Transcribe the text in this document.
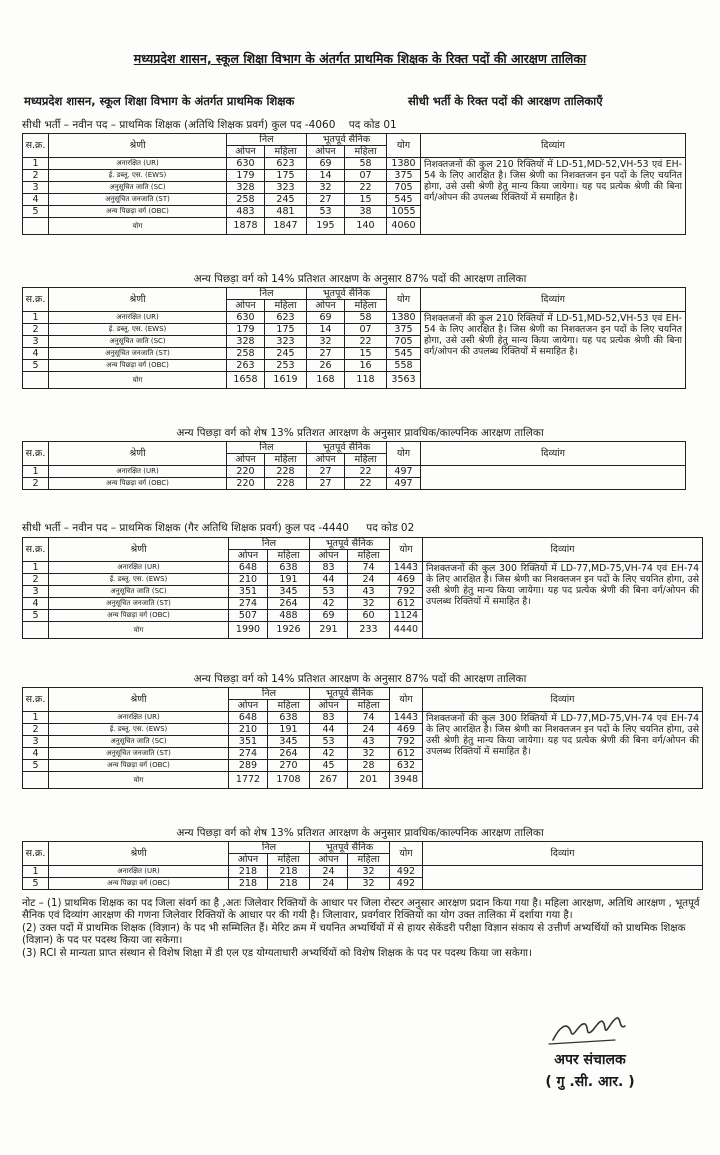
मध्यप्रदेश शासन, स्कूल शिक्षा विभाग के अंतर्गत प्राथमिक शिक्षक के रिक्त पदों की आरक्षण तालिका
मध्यप्रदेश शासन, स्कूल शिक्षा विभाग के अंतर्गत प्राथमिक शिक्षक	सीधी भर्ती के रिक्त पदों की आरक्षण तालिकाएँ
सीधी भर्ती – नवीन पद – प्राथमिक शिक्षक (अतिथि शिक्षक प्रवर्ग) कुल पद -4060 पद कोड 01
स.क्र.	श्रेणी	निल		भूतपूर्व सैनिक		योग	दिव्यांग
		ओपन	महिला	ओपन	महिला		
1	अनारक्षित (UR)	630	623	69	58	1380	निशक्तजनों की कुल 210 रिक्तियों में LD-51,MD-52,VH-53 एवं EH-54 के लिए आरक्षित है। जिस श्रेणी का निशक्तजन इन पदों के लिए चयनित होगा, उसे उसी श्रेणी हेतु मान्य किया जायेगा। यह पद प्रत्येक श्रेणी की बिना वर्ग/ओपन की उपलब्ध रिक्तियों में समाहित है।
2	ई. डब्लू. एस. (EWS)	179	175	14	07	375	
3	अनुसूचित जाति (SC)	328	323	32	22	705	
4	अनुसूचित जनजाति (ST)	258	245	27	15	545	
5	अन्य पिछड़ा वर्ग (OBC)	483	481	53	38	1055	
	योग	1878	1847	195	140	4060	
अन्य पिछड़ा वर्ग को 14% प्रतिशत आरक्षण के अनुसार 87% पदों की आरक्षण तालिका
स.क्र.	श्रेणी	निल		भूतपूर्व सैनिक		योग	दिव्यांग
		ओपन	महिला	ओपन	महिला		
1	अनारक्षित (UR)	630	623	69	58	1380	निशक्तजनों की कुल 210 रिक्तियों में LD-51,MD-52,VH-53 एवं EH-54 के लिए आरक्षित है। जिस श्रेणी का निशक्तजन इन पदों के लिए चयनित होगा, उसे उसी श्रेणी हेतु मान्य किया जायेगा। यह पद प्रत्येक श्रेणी की बिना वर्ग/ओपन की उपलब्ध रिक्तियों में समाहित है।
2	ई. डब्लू. एस. (EWS)	179	175	14	07	375	
3	अनुसूचित जाति (SC)	328	323	32	22	705	
4	अनुसूचित जनजाति (ST)	258	245	27	15	545	
5	अन्य पिछड़ा वर्ग (OBC)	263	253	26	16	558	
	योग	1658	1619	168	118	3563	
अन्य पिछड़ा वर्ग को शेष 13% प्रतिशत आरक्षण के अनुसार प्रावधिक/काल्पनिक आरक्षण तालिका
स.क्र.	श्रेणी	निल		भूतपूर्व सैनिक		योग	दिव्यांग
		ओपन	महिला	ओपन	महिला		
1	अनारक्षित (UR)	220	228	27	22	497	
2	अन्य पिछड़ा वर्ग (OBC)	220	228	27	22	497	
सीधी भर्ती – नवीन पद – प्राथमिक शिक्षक (गैर अतिथि शिक्षक प्रवर्ग) कुल पद -4440 पद कोड 02
स.क्र.	श्रेणी	निल		भूतपूर्व सैनिक		योग	दिव्यांग
		ओपन	महिला	ओपन	महिला		
1	अनारक्षित (UR)	648	638	83	74	1443	निशक्तजनों की कुल 300 रिक्तियों में LD-77,MD-75,VH-74 एवं EH-74 के लिए आरक्षित है। जिस श्रेणी का निशक्तजन इन पदों के लिए चयनित होगा, उसे उसी श्रेणी हेतु मान्य किया जायेगा। यह पद प्रत्येक श्रेणी की बिना वर्ग/ओपन की उपलब्ध रिक्तियों में समाहित है।
2	ई. डब्लू. एस. (EWS)	210	191	44	24	469	
3	अनुसूचित जाति (SC)	351	345	53	43	792	
4	अनुसूचित जनजाति (ST)	274	264	42	32	612	
5	अन्य पिछड़ा वर्ग (OBC)	507	488	69	60	1124	
	योग	1990	1926	291	233	4440	
अन्य पिछड़ा वर्ग को 14% प्रतिशत आरक्षण के अनुसार 87% पदों की आरक्षण तालिका
स.क्र.	श्रेणी	निल		भूतपूर्व सैनिक		योग	दिव्यांग
		ओपन	महिला	ओपन	महिला		
1	अनारक्षित (UR)	648	638	83	74	1443	निशक्तजनों की कुल 300 रिक्तियों में LD-77,MD-75,VH-74 एवं EH-74 के लिए आरक्षित है। जिस श्रेणी का निशक्तजन इन पदों के लिए चयनित होगा, उसे उसी श्रेणी हेतु मान्य किया जायेगा। यह पद प्रत्येक श्रेणी की बिना वर्ग/ओपन की उपलब्ध रिक्तियों में समाहित है।
2	ई. डब्लू. एस. (EWS)	210	191	44	24	469	
3	अनुसूचित जाति (SC)	351	345	53	43	792	
4	अनुसूचित जनजाति (ST)	274	264	42	32	612	
5	अन्य पिछड़ा वर्ग (OBC)	289	270	45	28	632	
	योग	1772	1708	267	201	3948	
अन्य पिछड़ा वर्ग को शेष 13% प्रतिशत आरक्षण के अनुसार प्रावधिक/काल्पनिक आरक्षण तालिका
स.क्र.	श्रेणी	निल		भूतपूर्व सैनिक		योग	दिव्यांग
		ओपन	महिला	ओपन	महिला		
1	अनारक्षित (UR)	218	218	24	32	492	
5	अन्य पिछड़ा वर्ग (OBC)	218	218	24	32	492	

नोट – (1) प्राथमिक शिक्षक का पद जिला संवर्ग का है ,अतः जिलेवार रिक्तियों के आधार पर जिला रोस्टर अनुसार आरक्षण प्रदान किया गया है। महिला आरक्षण, अतिथि आरक्षण , भूतपूर्व सैनिक एवं दिव्यांग आरक्षण की गणना जिलेवार रिक्तियों के आधार पर की गयी है। जिलावार, प्रवर्गवार रिक्तियों का योग उक्त तालिका में दर्शाया गया है।

(2) उक्त पदों में प्राथमिक शिक्षक (विज्ञान) के पद भी सम्मिलित हैं। मेरिट क्रम में चयनित अभ्यर्थियों में से हायर सेकेंडरी परीक्षा विज्ञान संकाय से उत्तीर्ण अभ्यर्थियों को प्राथमिक शिक्षक (विज्ञान) के पद पर पदस्थ किया जा सकेगा।

(3) RCI से मान्यता प्राप्त संस्थान से विशेष शिक्षा में डी एल एड योग्यताधारी अभ्यर्थियों को विशेष शिक्षक के पद पर पदस्थ किया जा सकेगा।

अपर संचालक
( गु .सी. आर. )
